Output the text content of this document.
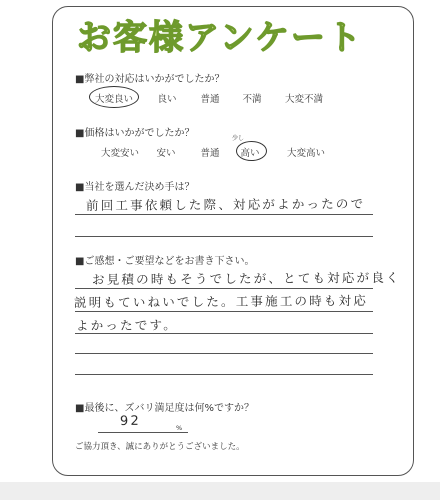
お客様アンケート
■弊社の対応はいかがでしたか？
大変良い	良い	普通 不満 大変不満
■価格はいかがでしたか？
大変安い 安い	普通 高い	大変高い
少し
■当社を選んだ決め手は？
前回工事依頼した際、対応がよかったので
■ご感想・ご要望などをお書き下さい。
お見積の時もそうでしたが、とても対応が良く
説明もていねいでした。工事施工の時も対応
よかったです。
■最後に、ズバリ満足度は何%ですか？
92	%
ご協力頂き、誠にありがとうございました。
